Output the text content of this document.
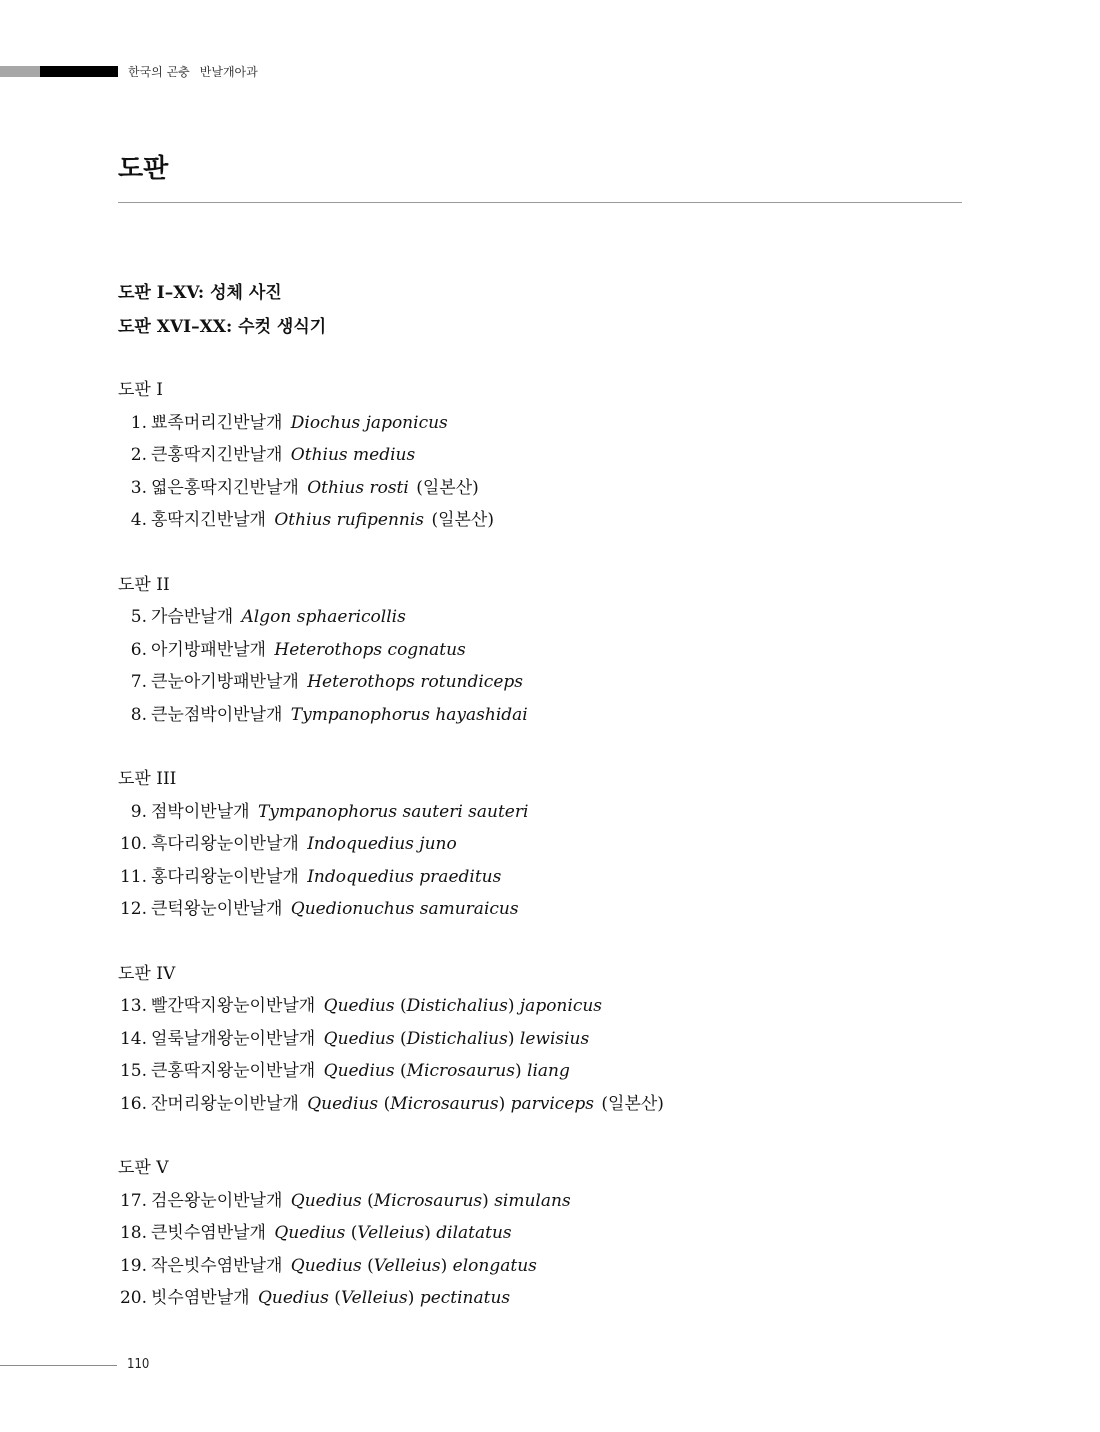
한국의 곤충 반날개아과
도판
도판 I–XV: 성체 사진
도판 XVI–XX: 수컷 생식기
도판 I
1. 뾰족머리긴반날개 Diochus japonicus
2. 큰홍딱지긴반날개 Othius medius
3. 엷은홍딱지긴반날개 Othius rosti (일본산)
4. 홍딱지긴반날개 Othius rufipennis (일본산)
도판 II
5. 가슴반날개 Algon sphaericollis
6. 아기방패반날개 Heterothops cognatus
7. 큰눈아기방패반날개 Heterothops rotundiceps
8. 큰눈점박이반날개 Tympanophorus hayashidai
도판 III
9. 점박이반날개 Tympanophorus sauteri sauteri
10. 흑다리왕눈이반날개 Indoquedius juno
11. 홍다리왕눈이반날개 Indoquedius praeditus
12. 큰턱왕눈이반날개 Quedionuchus samuraicus
도판 IV
13. 빨간딱지왕눈이반날개 Quedius (Distichalius) japonicus
14. 얼룩날개왕눈이반날개 Quedius (Distichalius) lewisius
15. 큰홍딱지왕눈이반날개 Quedius (Microsaurus) liang
16. 잔머리왕눈이반날개 Quedius (Microsaurus) parviceps (일본산)
도판 V
17. 검은왕눈이반날개 Quedius (Microsaurus) simulans
18. 큰빗수염반날개 Quedius (Velleius) dilatatus
19. 작은빗수염반날개 Quedius (Velleius) elongatus
20. 빗수염반날개 Quedius (Velleius) pectinatus
110
